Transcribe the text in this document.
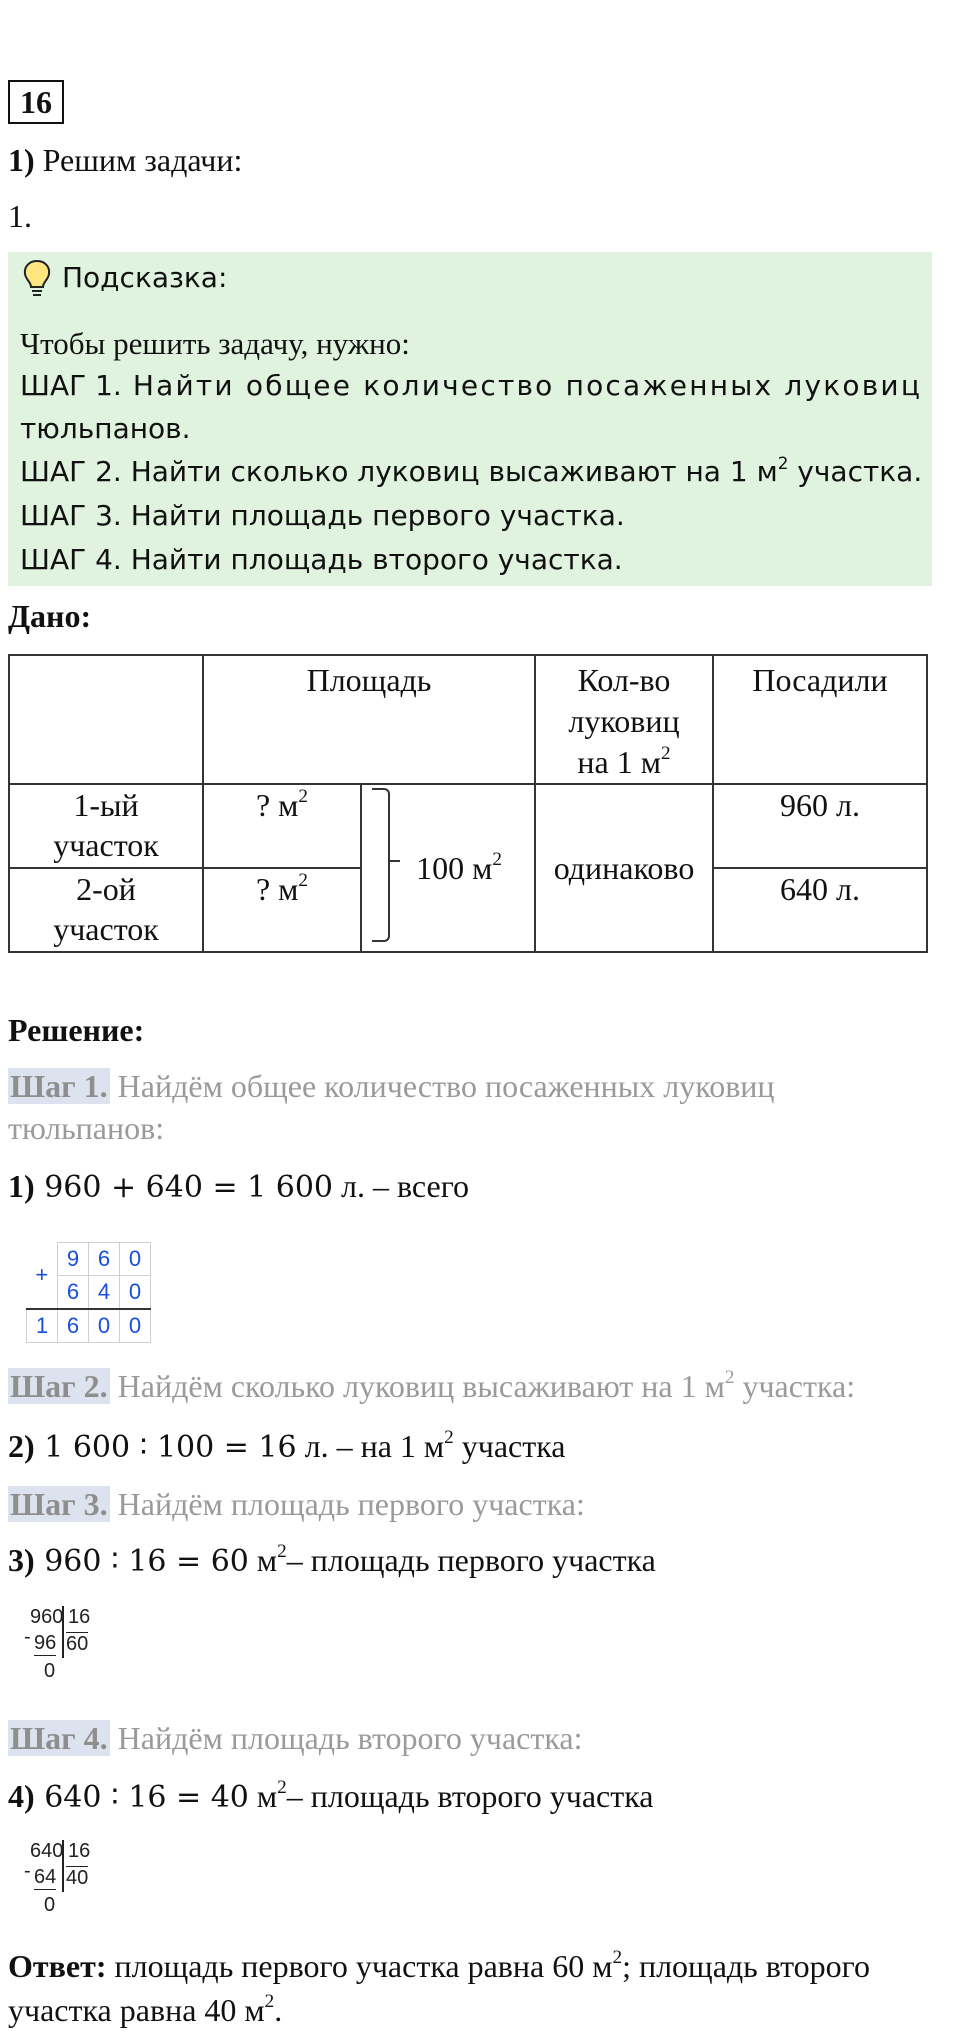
16
1) Решим задачи:
1.
Подсказка:
Чтобы решить задачу, нужно:
ШАГ 1. Найти общее количество посаженных луковиц
тюльпанов.
ШАГ 2. Найти сколько луковиц высаживают на 1 $м^2$ участка.
ШАГ 3. Найти площадь первого участка.
ШАГ 4. Найти площадь второго участка.
Дано:
	Площадь		Кол-во
луковиц
на 1 $м^2$	Посадили
1-ый
участок	? $м^2$	100 $м^2$	одинаково	960 л.
2-ой
участок	? $м^2$			640 л.
Решение:
Шаг 1. Найдём общее количество посаженных луковиц
тюльпанов:
1) 960 + 640 = 1 600 л. – всего
+	9	6	0
	6	4	0
1	6	0	0
Шаг 2. Найдём сколько луковиц высаживают на 1 $м^2$ участка:
2) 1 600 ∶ 100 = 16 л. – на 1 $м^2$ участка
Шаг 3. Найдём площадь первого участка:
3) 960 ∶ 16 = 60 $м^2-$ площадь первого участка
960 16
- 96 60
0
Шаг 4. Найдём площадь второго участка:
4) 640 ∶ 16 = 40 $м^2-$ площадь второго участка
640 16
- 64 40
0
Ответ: площадь первого участка равна 60 $м^2$; площадь второго
участка равна 40 $м^2$.
